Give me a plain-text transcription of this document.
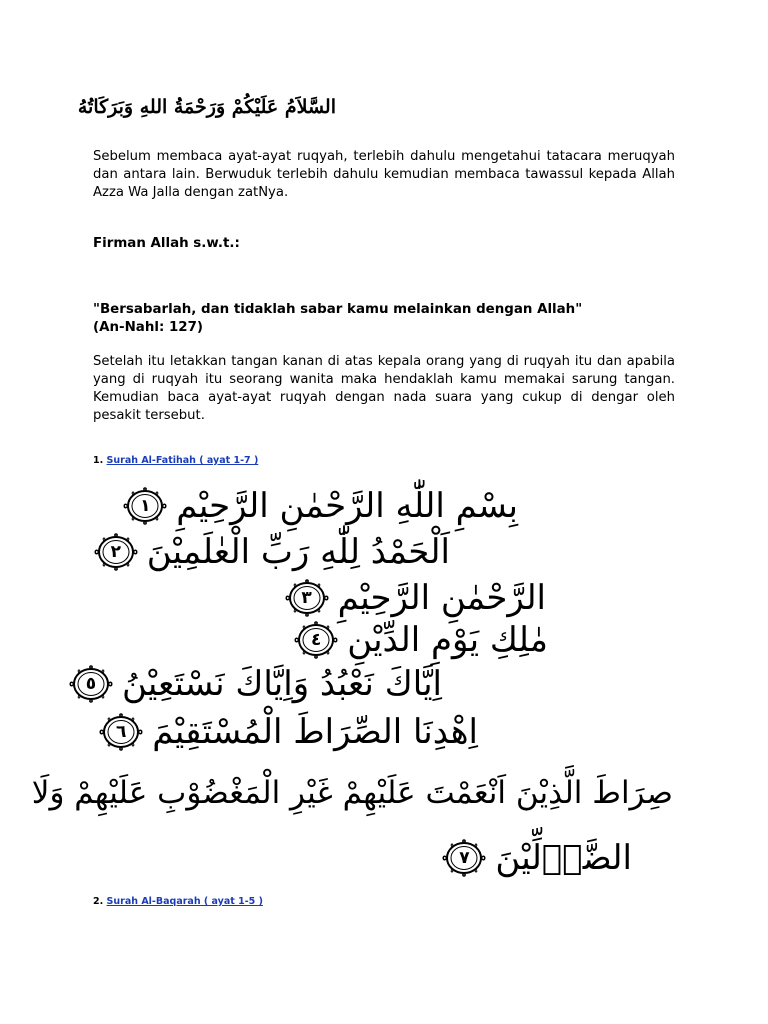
السَّلاَمُ عَلَيْكُمْ وَرَحْمَةُ اللهِ وَبَرَكَاتُهُ

Sebelum membaca ayat-ayat ruqyah, terlebih dahulu mengetahui tatacara meruqyah dan antara lain. Berwuduk terlebih dahulu kemudian membaca tawassul kepada Allah Azza Wa Jalla dengan zatNya.

Firman Allah s.w.t.:

"Bersabarlah, dan tidaklah sabar kamu melainkan dengan Allah"
(An-Nahl: 127)

Setelah itu letakkan tangan kanan di atas kepala orang yang di ruqyah itu dan apabila yang di ruqyah itu seorang wanita maka hendaklah kamu memakai sarung tangan. Kemudian baca ayat-ayat ruqyah dengan nada suara yang cukup di dengar oleh pesakit tersebut.

1. Surah Al-Fatihah ( ayat 1-7 )
بِسْمِ اللّٰهِ الرَّحْمٰنِ الرَّحِيْمِ
١
اَلْحَمْدُ لِلّٰهِ رَبِّ الْعٰلَمِيْنَ
٢
الرَّحْمٰنِ الرَّحِيْمِ
٣
مٰلِكِ يَوْمِ الدِّيْنِ
٤
اِيَّاكَ نَعْبُدُ وَاِيَّاكَ نَسْتَعِيْنُ
٥
اِهْدِنَا الصِّرَاطَ الْمُسْتَقِيْمَ
٦
صِرَاطَ الَّذِيْنَ اَنْعَمْتَ عَلَيْهِمْ غَيْرِ الْمَغْضُوْبِ عَلَيْهِمْ وَلَا
الضَّاۤلِّيْنَ
٧
2. Surah Al-Baqarah ( ayat 1-5 )
